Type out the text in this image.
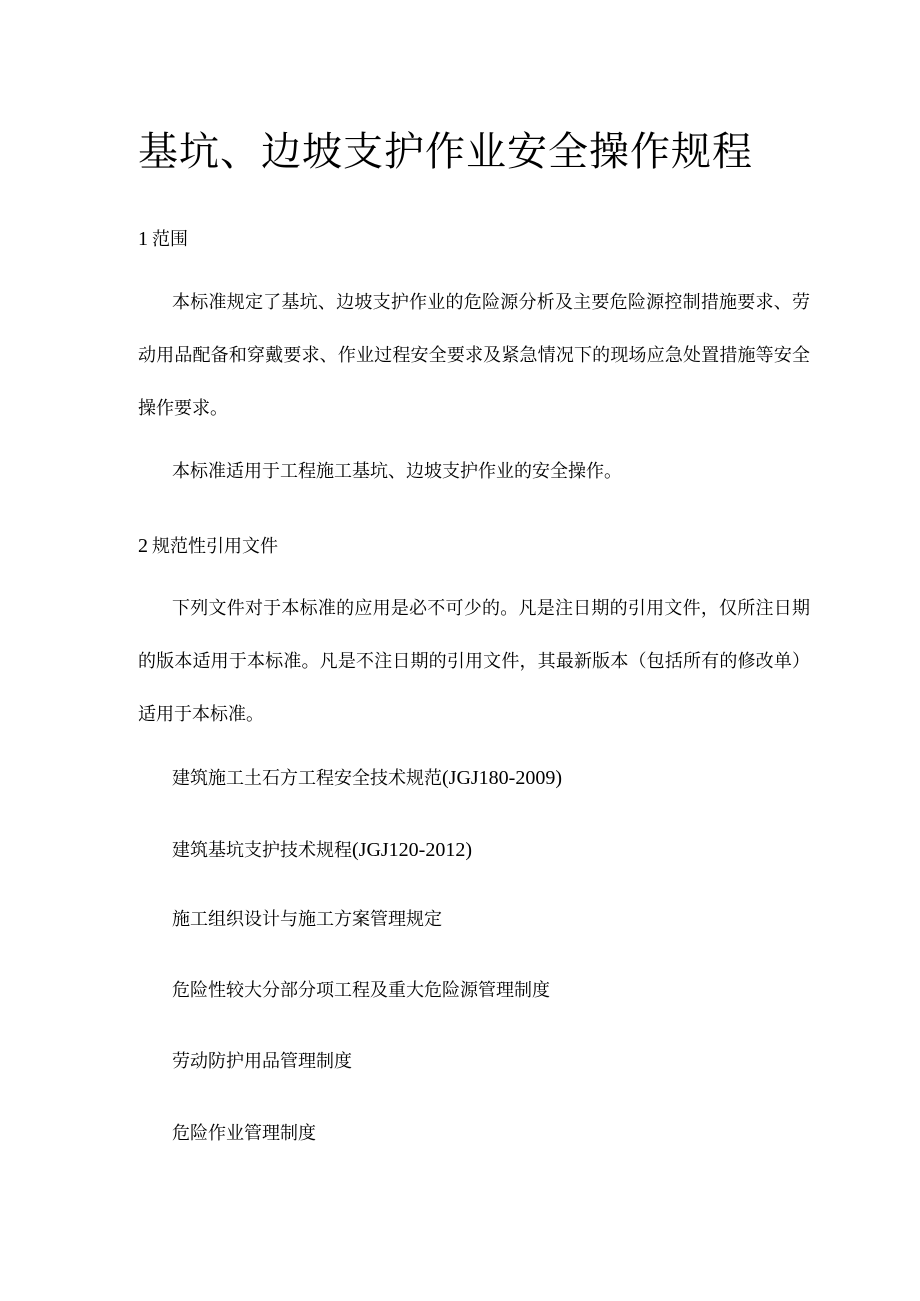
基坑、边坡支护作业安全操作规程
1 范围

本标准规定了基坑、边坡支护作业的危险源分析及主要危险源控制措施要求、劳动用品配备和穿戴要求、作业过程安全要求及紧急情况下的现场应急处置措施等安全操作要求。

本标准适用于工程施工基坑、边坡支护作业的安全操作。

2 规范性引用文件

下列文件对于本标准的应用是必不可少的。凡是注日期的引用文件，仅所注日期的版本适用于本标准。凡是不注日期的引用文件，其最新版本（包括所有的修改单）适用于本标准。

建筑施工土石方工程安全技术规范(JGJ180-2009)

建筑基坑支护技术规程(JGJ120-2012)

施工组织设计与施工方案管理规定

危险性较大分部分项工程及重大危险源管理制度

劳动防护用品管理制度

危险作业管理制度
